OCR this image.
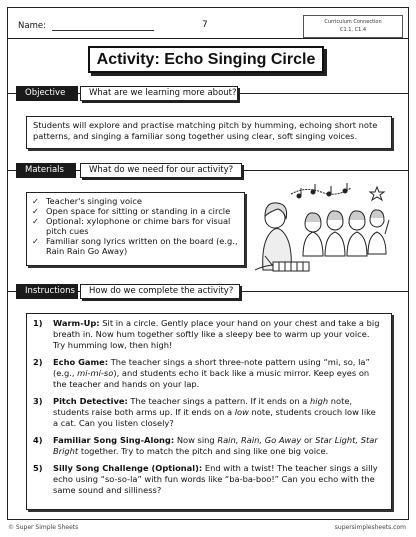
Name:	7	Curriculum Connection
C1.1, C1.4
Activity: Echo Singing Circle
Objective	What are we learning more about?
Students will explore and practise matching pitch by humming, echoing short note patterns, and singing a familiar song together using clear, soft singing voices.
Materials	What do we need for our activity?
✓ Teacher's singing voice
✓ Open space for sitting or standing in a circle
✓ Optional: xylophone or chime bars for visual pitch cues
✓ Familiar song lyrics written on the board (e.g., Rain Rain Go Away)
Instructions	How do we complete the activity?
1) Warm-Up: Sit in a circle. Gently place your hand on your chest and take a big breath in. Now hum together softly like a sleepy bee to warm up your voice. Try humming low, then high!
2) Echo Game: The teacher sings a short three-note pattern using “mi, so, la” (e.g., mi-mi-so), and students echo it back like a music mirror. Keep eyes on the teacher and hands on your lap.
3) Pitch Detective: The teacher sings a pattern. If it ends on a high note, students raise both arms up. If it ends on a low note, students crouch low like a cat. Can you listen closely?
4) Familiar Song Sing-Along: Now sing Rain, Rain, Go Away or Star Light, Star Bright together. Try to match the pitch and sing like one big voice.
5) Silly Song Challenge (Optional): End with a twist! The teacher sings a silly echo using “so-so-la” with fun words like “ba-ba-boo!” Can you echo with the same sound and silliness?
© Super Simple Sheets	supersimplesheets.com
